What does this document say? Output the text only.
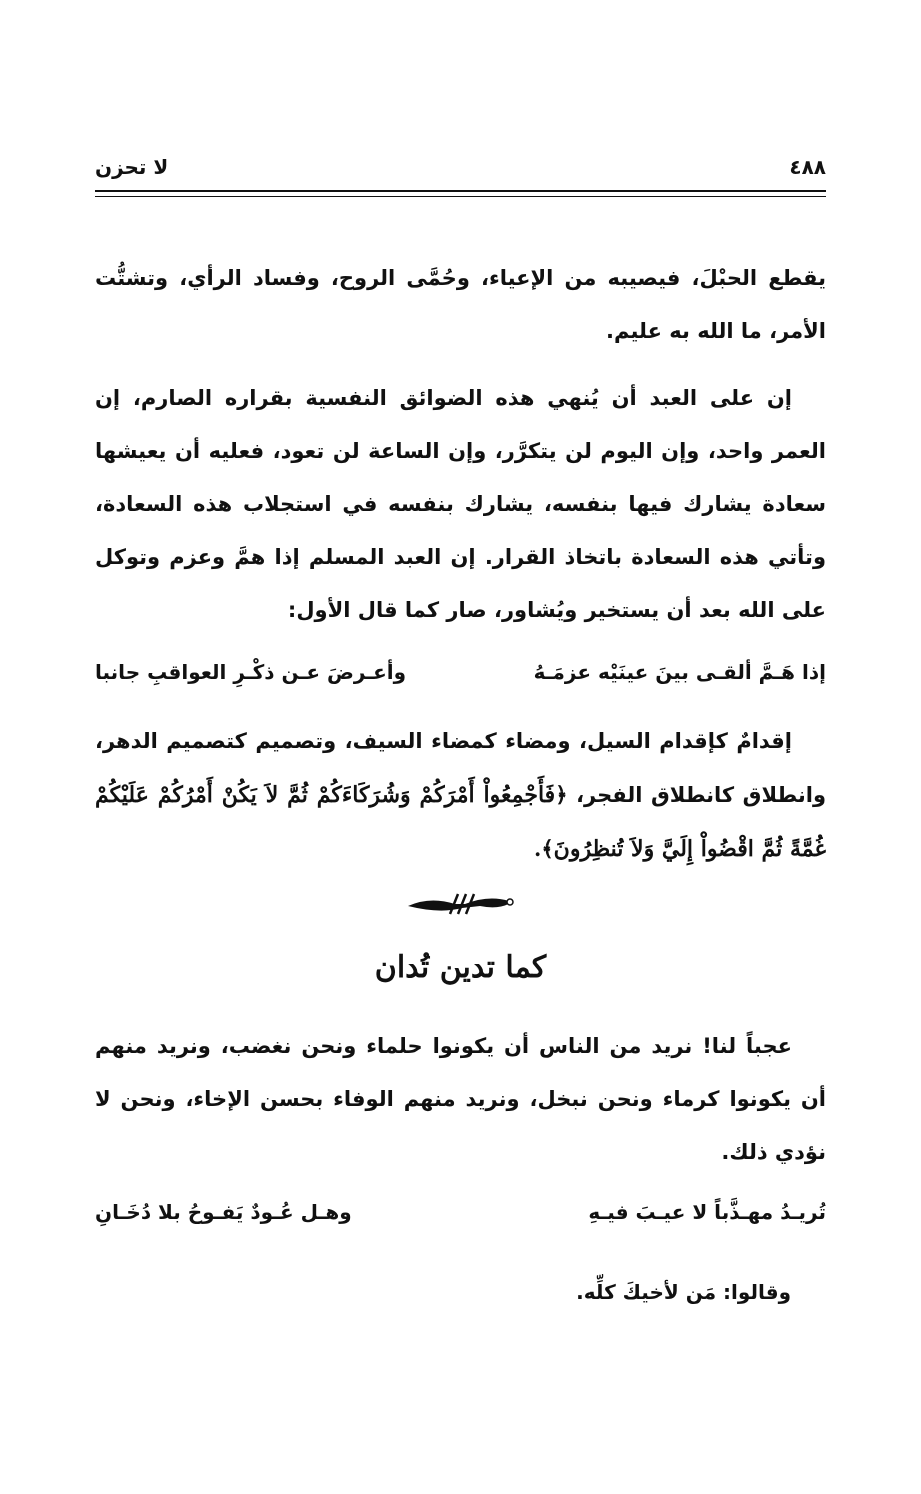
٤٨٨
لا تحزن

يقطع الحبْلَ، فيصيبه من الإعياء، وحُمَّى الروح، وفساد الرأي، وتشتُّت الأمر، ما الله به عليم.

إن على العبد أن يُنهي هذه الضوائق النفسية بقراره الصارم، إن العمر واحد، وإن اليوم لن يتكرَّر، وإن الساعة لن تعود، فعليه أن يعيشها سعادة يشارك فيها بنفسه، يشارك بنفسه في استجلاب هذه السعادة، وتأتي هذه السعادة باتخاذ القرار. إن العبد المسلم إذا همَّ وعزم وتوكل على الله بعد أن يستخير ويُشاور، صار كما قال الأول:

إذا هَـمَّ ألقـى بينَ عينَيْه عزمَـهُ
وأعـرضَ عـن ذكْـرِ العواقبِ جانبا

إقدامٌ كإقدام السيل، ومضاء كمضاء السيف، وتصميم كتصميم الدهر، وانطلاق كانطلاق الفجر، ﴿فَأَجْمِعُواْ أَمْرَكُمْ وَشُرَكَاءَكُمْ ثُمَّ لاَ يَكُنْ أَمْرُكُمْ عَلَيْكُمْ غُمَّةً ثُمَّ اقْضُواْ إِلَيَّ وَلاَ تُنظِرُونَ﴾.

كما تدين تُدان

عجباً لنا! نريد من الناس أن يكونوا حلماء ونحن نغضب، ونريد منهم أن يكونوا كرماء ونحن نبخل، ونريد منهم الوفاء بحسن الإخاء، ونحن لا نؤدي ذلك.

تُريـدُ مهـذَّباً لا عيـبَ فيـهِ
وهـل عُـودٌ يَفـوحُ بلا دُخَـانِ
وقالوا: مَن لأخيكَ كلِّه.
